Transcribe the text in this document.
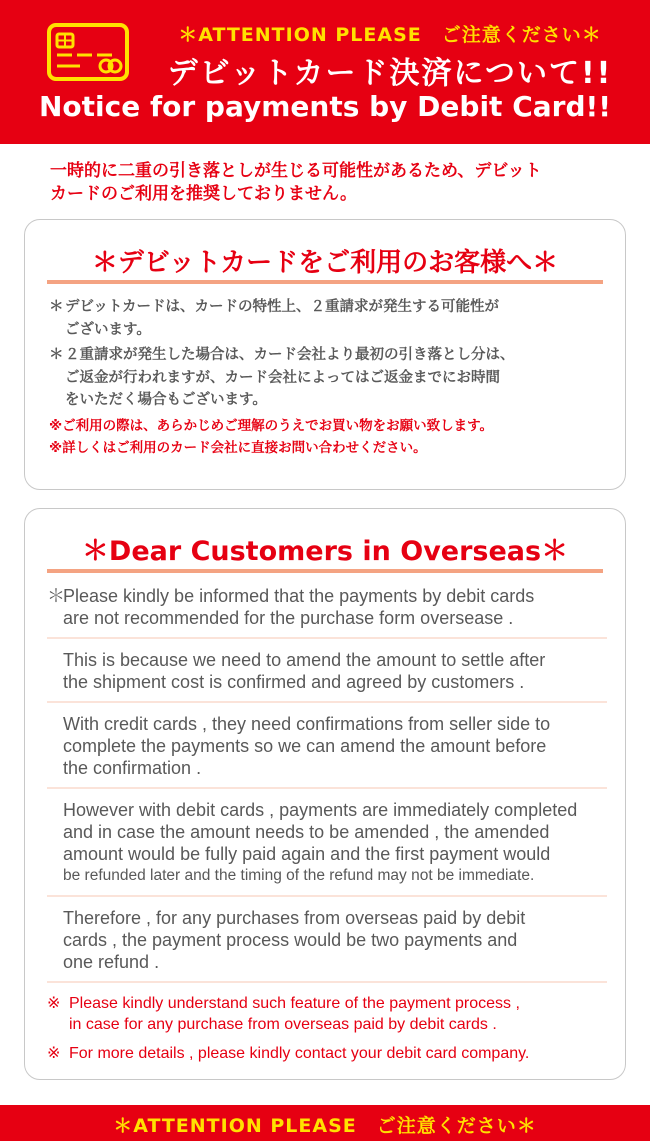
＊ATTENTION PLEASE　ご注意ください＊
デビットカード決済について!!
Notice for payments by Debit Card!!
一時的に二重の引き落としが生じる可能性があるため、デビット
カードのご利用を推奨しておりません。
＊デビットカードをご利用のお客様へ＊
＊ デビットカードは、カードの特性上、２重請求が発生する可能性が
ございます。
＊ ２重請求が発生した場合は、カード会社より最初の引き落とし分は、
ご返金が行われますが、カード会社によってはご返金までにお時間
をいただく場合もございます。
※ご利用の際は、あらかじめご理解のうえでお買い物をお願い致します。
※詳しくはご利用のカード会社に直接お問い合わせください。
＊Dear Customers in Overseas＊
＊
Please kindly be informed that the payments by debit cards
are not recommended for the purchase form oversease .
This is because we need to amend the amount to settle after
the shipment cost is confirmed and agreed by customers .
With credit cards , they need confirmations from seller side to
complete the payments so we can amend the amount before
the confirmation .
However with debit cards , payments are immediately completed
and in case the amount needs to be amended , the amended
amount would be fully paid again and the first payment would
be refunded later and the timing of the refund may not be immediate.
Therefore , for any purchases from overseas paid by debit
cards , the payment process would be two payments and
one refund .
※ Please kindly understand such feature of the payment process ,
in case for any purchase from overseas paid by debit cards .
※ For more details , please kindly contact your debit card company.
＊ATTENTION PLEASE　ご注意ください＊
